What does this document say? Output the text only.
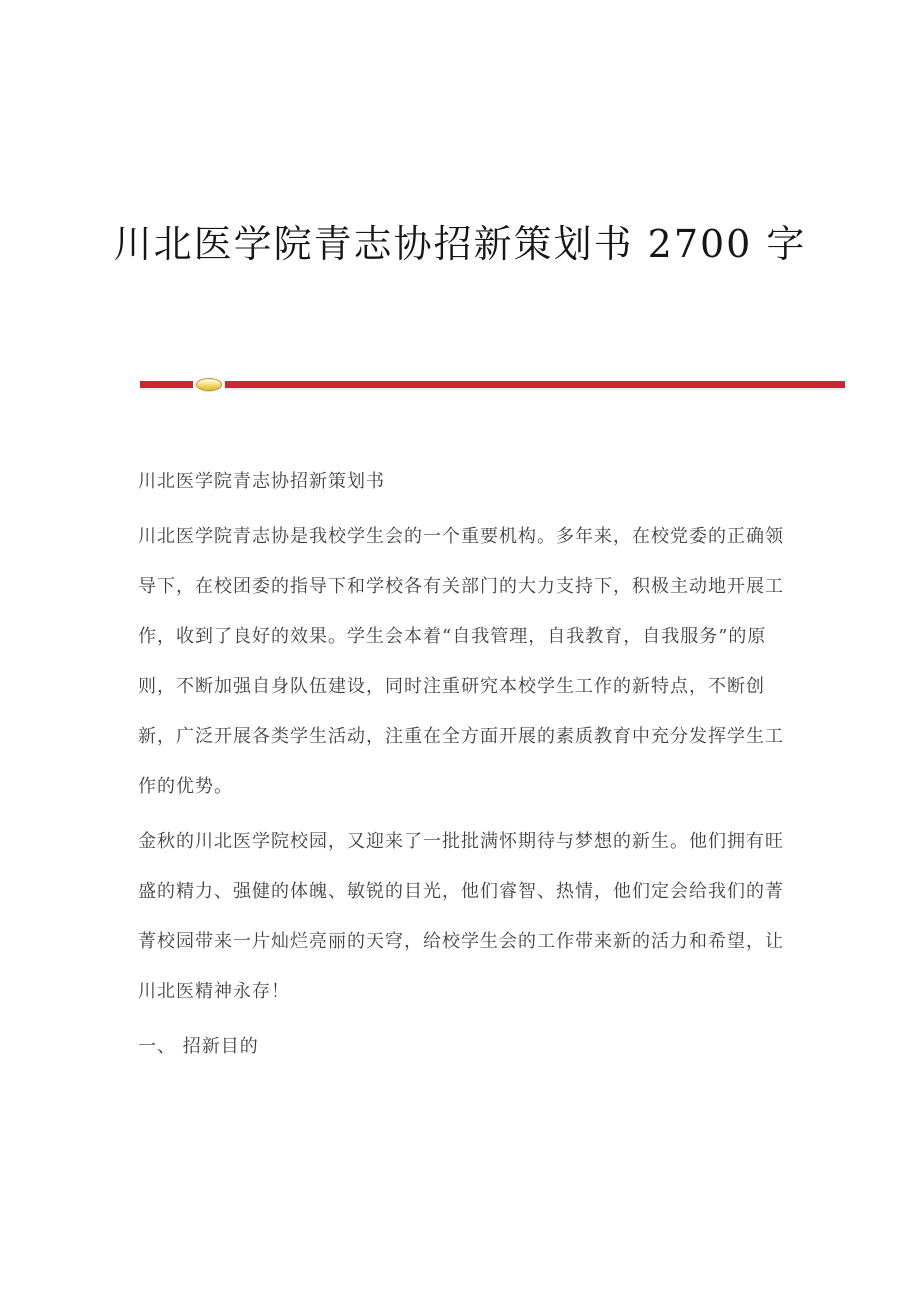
川北医学院青志协招新策划书 2700 字
川北医学院青志协招新策划书
川北医学院青志协是我校学生会的一个重要机构。多年来，在校党委的正确领
导下，在校团委的指导下和学校各有关部门的大力支持下，积极主动地开展工
作，收到了良好的效果。学生会本着“自我管理，自我教育，自我服务”的原
则，不断加强自身队伍建设，同时注重研究本校学生工作的新特点，不断创
新，广泛开展各类学生活动，注重在全方面开展的素质教育中充分发挥学生工
作的优势。
金秋的川北医学院校园，又迎来了一批批满怀期待与梦想的新生。他们拥有旺
盛的精力、强健的体魄、敏锐的目光，他们睿智、热情，他们定会给我们的菁
菁校园带来一片灿烂亮丽的天穹，给校学生会的工作带来新的活力和希望，让
川北医精神永存！
一、 招新目的
